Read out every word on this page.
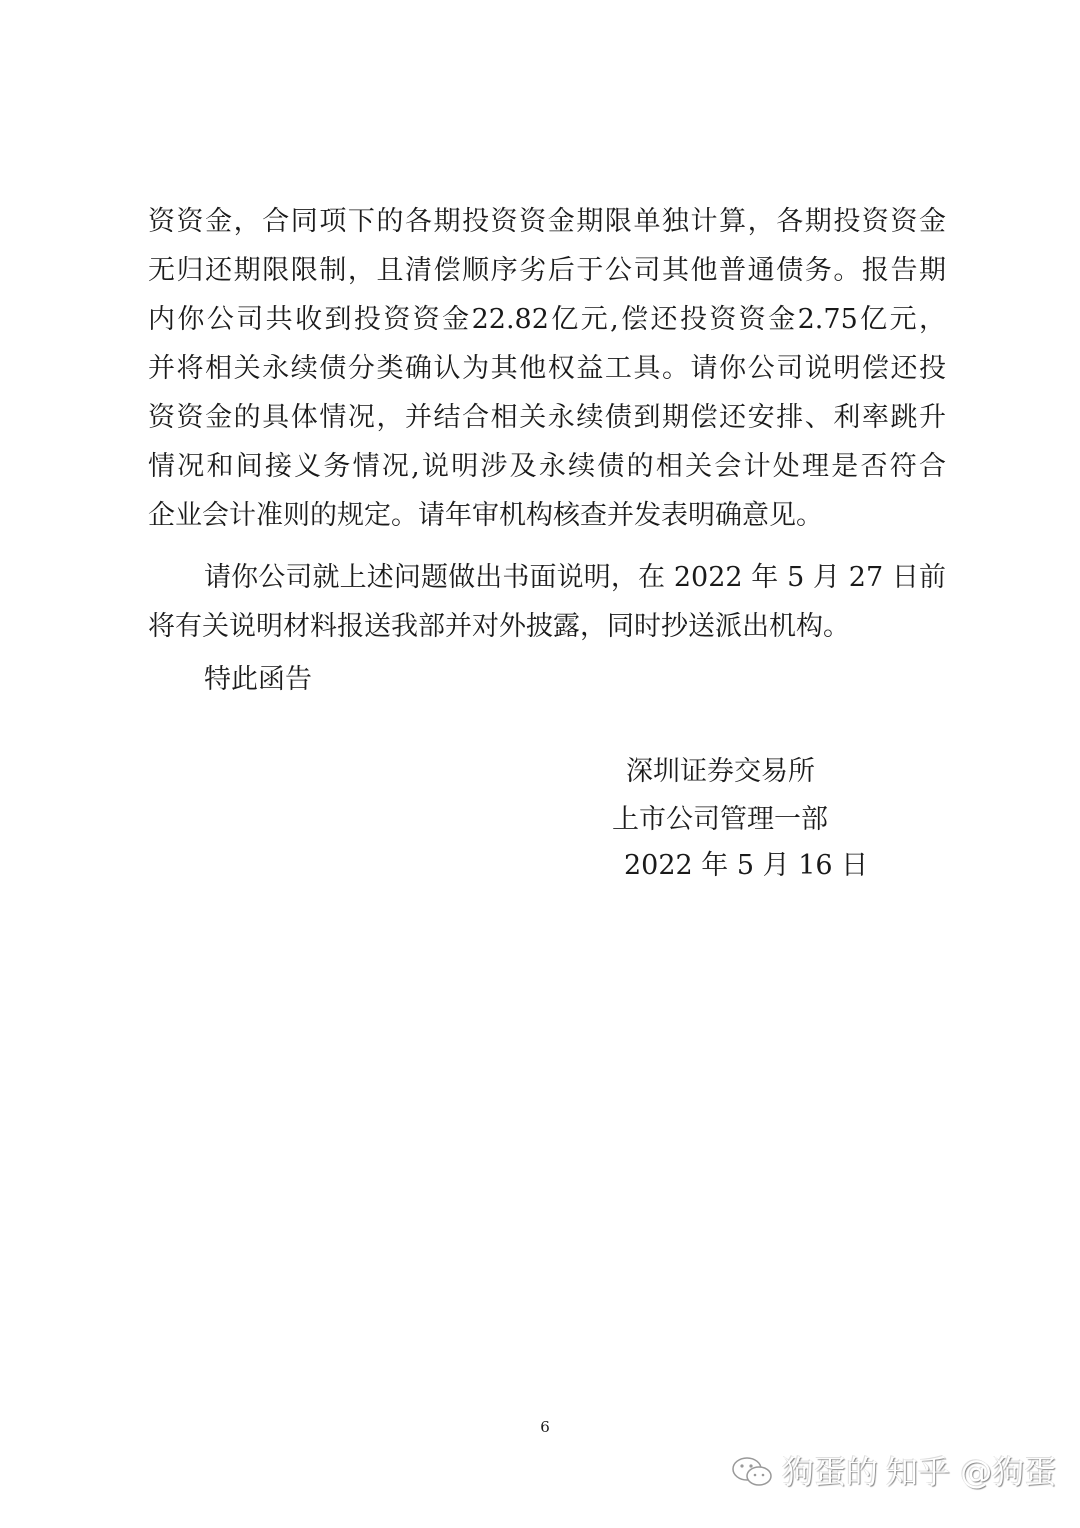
资资金，合同项下的各期投资资金期限单独计算，各期投资资金
无归还期限限制，且清偿顺序劣后于公司其他普通债务。报告期
内你公司共收到投资资金22.82亿元,偿还投资资金2.75亿元，
并将相关永续债分类确认为其他权益工具。请你公司说明偿还投
资资金的具体情况，并结合相关永续债到期偿还安排、利率跳升
情况和间接义务情况,说明涉及永续债的相关会计处理是否符合
企业会计准则的规定。请年审机构核查并发表明确意见。
请你公司就上述问题做出书面说明，在 2022 年 5 月 27 日前
将有关说明材料报送我部并对外披露，同时抄送派出机构。
特此函告
深圳证券交易所
上市公司管理一部
2022 年 5 月 16 日
6
狗蛋的 知乎 @狗蛋
